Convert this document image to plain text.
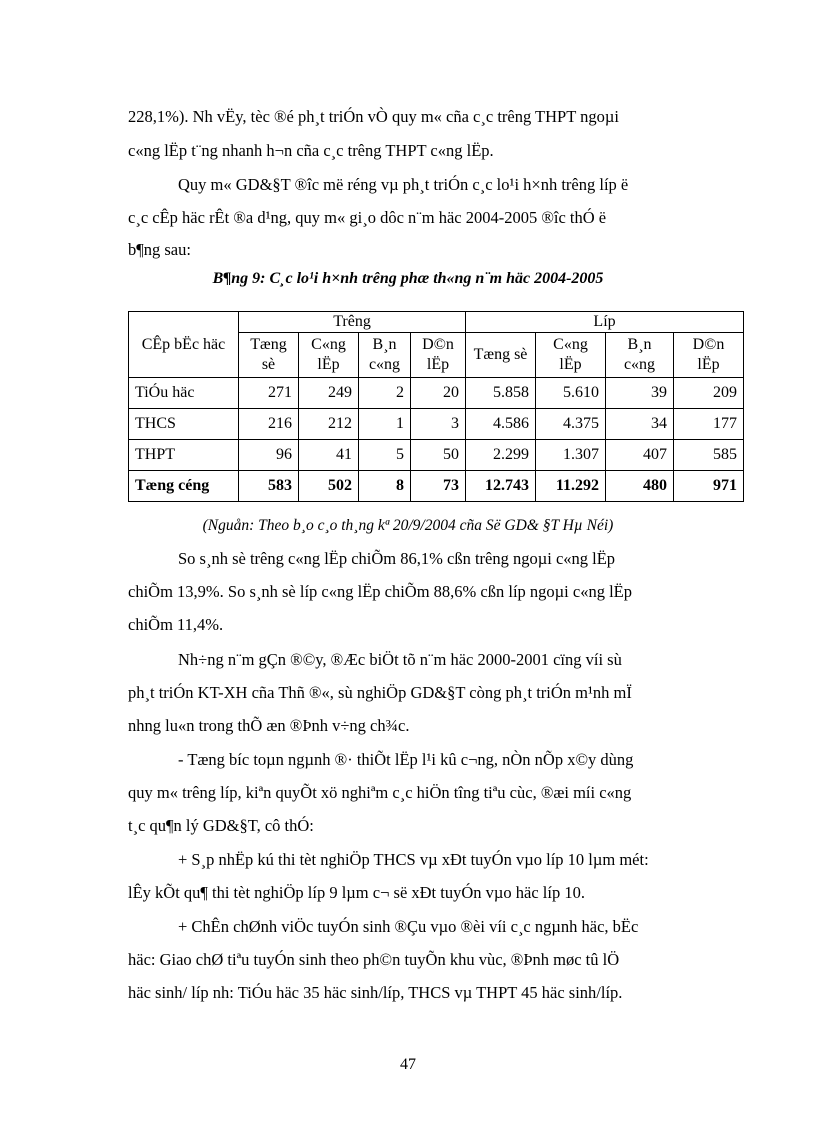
228,1%). Nh vËy, tèc ®é ph¸t triÓn vÒ quy m« cña c¸c trêng THPT ngoµi

c«ng lËp t¨ng nhanh h¬n cña c¸c trêng THPT c«ng lËp.

Quy m« GD&§T ®îc më réng vµ ph¸t triÓn c¸c lo¹i h×nh trêng líp ë

c¸c cÊp häc rÊt ®a d¹ng, quy m« gi¸o dôc n¨m häc 2004-2005 ®îc thÓ ë

b¶ng sau:

B¶ng 9: C¸c lo¹i h×nh trêng phæ th«ng n¨m häc 2004-2005

CÊp bËc häc	Trêng				Líp			
	Tæng sè	C«ng lËp	B¸n c«ng	D©n lËp	Tæng sè	C«ng lËp	B¸n c«ng	D©n lËp
TiÓu häc	271	249	2	20	5.858	5.610	39	209
THCS	216	212	1	3	4.586	4.375	34	177
THPT	96	41	5	50	2.299	1.307	407	585
Tæng céng	583	502	8	73	12.743	11.292	480	971

(Nguån: Theo b¸o c¸o th¸ng kª 20/9/2004 cña Së GD& §T Hµ Néi)

So s¸nh sè trêng c«ng lËp chiÕm 86,1% cßn trêng ngoµi c«ng lËp

chiÕm 13,9%. So s¸nh sè líp c«ng lËp chiÕm 88,6% cßn líp ngoµi c«ng lËp

chiÕm 11,4%.

Nh÷ng n¨m gÇn ®©y, ®Æc biÖt tõ n¨m häc 2000-2001 cïng víi sù

ph¸t triÓn KT-XH cña Thñ ®«, sù nghiÖp GD&§T còng ph¸t triÓn m¹nh mÏ

nhng lu«n trong thÕ æn ®Þnh v÷ng ch¾c.

- Tæng bíc toµn ngµnh ®· thiÕt lËp l¹i kû c¬ng, nÒn nÕp x©y dùng

quy m« trêng líp, kiªn quyÕt xö nghiªm c¸c hiÖn tîng tiªu cùc, ®æi míi c«ng

t¸c qu¶n lý GD&§T, cô thÓ:

+ S¸p nhËp kú thi tèt nghiÖp THCS vµ xÐt tuyÓn vµo líp 10 lµm mét:

lÊy kÕt qu¶ thi tèt nghiÖp líp 9 lµm c¬ së xÐt tuyÓn vµo häc líp 10.

+ ChÊn chØnh viÖc tuyÓn sinh ®Çu vµo ®èi víi c¸c ngµnh häc, bËc

häc: Giao chØ tiªu tuyÓn sinh theo ph©n tuyÕn khu vùc, ®Þnh møc tû lÖ

häc sinh/ líp nh: TiÓu häc 35 häc sinh/líp, THCS vµ THPT 45 häc sinh/líp.

47
